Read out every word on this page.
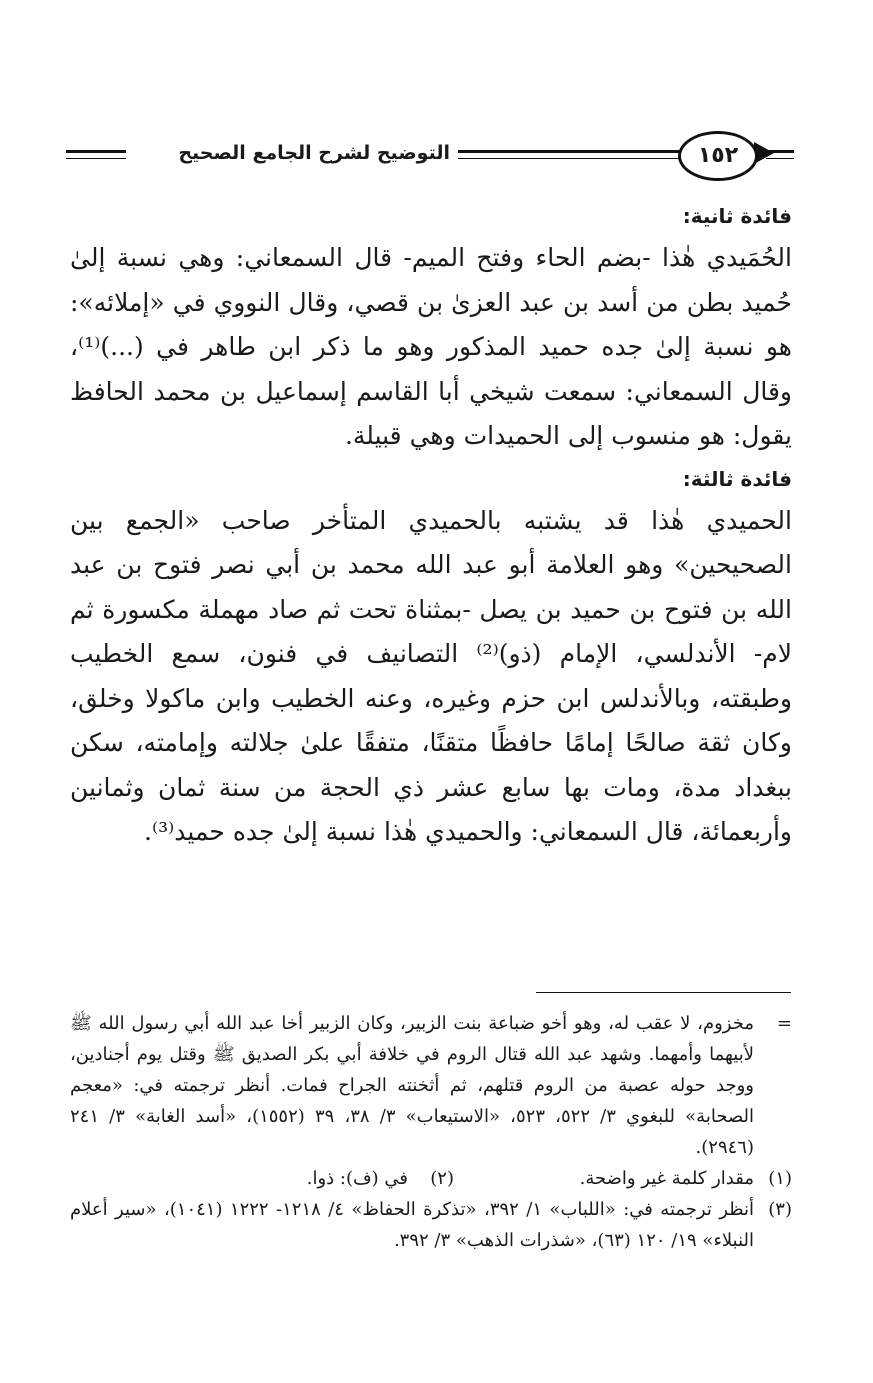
التوضيح لشرح الجامع الصحيح	١٥٢

فائدة ثانية:

الحُمَيدي هٰذا -بضم الحاء وفتح الميم- قال السمعاني: وهي نسبة إلىٰ حُميد بطن من أسد بن عبد العزىٰ بن قصي، وقال النووي في «إملائه»: هو نسبة إلىٰ جده حميد المذكور وهو ما ذكر ابن طاهر في (...)⁽¹⁾، وقال السمعاني: سمعت شيخي أبا القاسم إسماعيل بن محمد الحافظ يقول: هو منسوب إلى الحميدات وهي قبيلة.

فائدة ثالثة:

الحميدي هٰذا قد يشتبه بالحميدي المتأخر صاحب «الجمع بين الصحيحين» وهو العلامة أبو عبد الله محمد بن أبي نصر فتوح بن عبد الله بن فتوح بن حميد بن يصل -بمثناة تحت ثم صاد مهملة مكسورة ثم لام- الأندلسي، الإمام (ذو)⁽²⁾ التصانيف في فنون، سمع الخطيب وطبقته، وبالأندلس ابن حزم وغيره، وعنه الخطيب وابن ماكولا وخلق، وكان ثقة صالحًا إمامًا حافظًا متقنًا، متفقًا علىٰ جلالته وإمامته، سكن ببغداد مدة، ومات بها سابع عشر ذي الحجة من سنة ثمان وثمانين وأربعمائة، قال السمعاني: والحميدي هٰذا نسبة إلىٰ جده حميد⁽³⁾.

=
مخزوم، لا عقب له، وهو أخو ضباعة بنت الزبير، وكان الزبير أخا عبد الله أبي رسول الله ﷺ لأبيهما وأمهما. وشهد عبد الله قتال الروم في خلافة أبي بكر الصديق ﷺ وقتل يوم أجنادين، ووجد حوله عصبة من الروم قتلهم، ثم أثخنته الجراح فمات. أنظر ترجمته في: «معجم الصحابة» للبغوي ٣/ ٥٢٢، ٥٢٣، «الاستيعاب» ٣/ ٣٨، ٣٩ (١٥٥٢)، «أسد الغابة» ٣/ ٢٤١ (٢٩٤٦).
(١)
مقدار كلمة غير واضحة.
(٢)
في (ف): ذوا.
(٣)
أنظر ترجمته في: «اللباب» ١/ ٣٩٢، «تذكرة الحفاظ» ٤/ ١٢١٨- ١٢٢٢ (١٠٤١)، «سير أعلام النبلاء» ١٩/ ١٢٠ (٦٣)، «شذرات الذهب» ٣/ ٣٩٢.
